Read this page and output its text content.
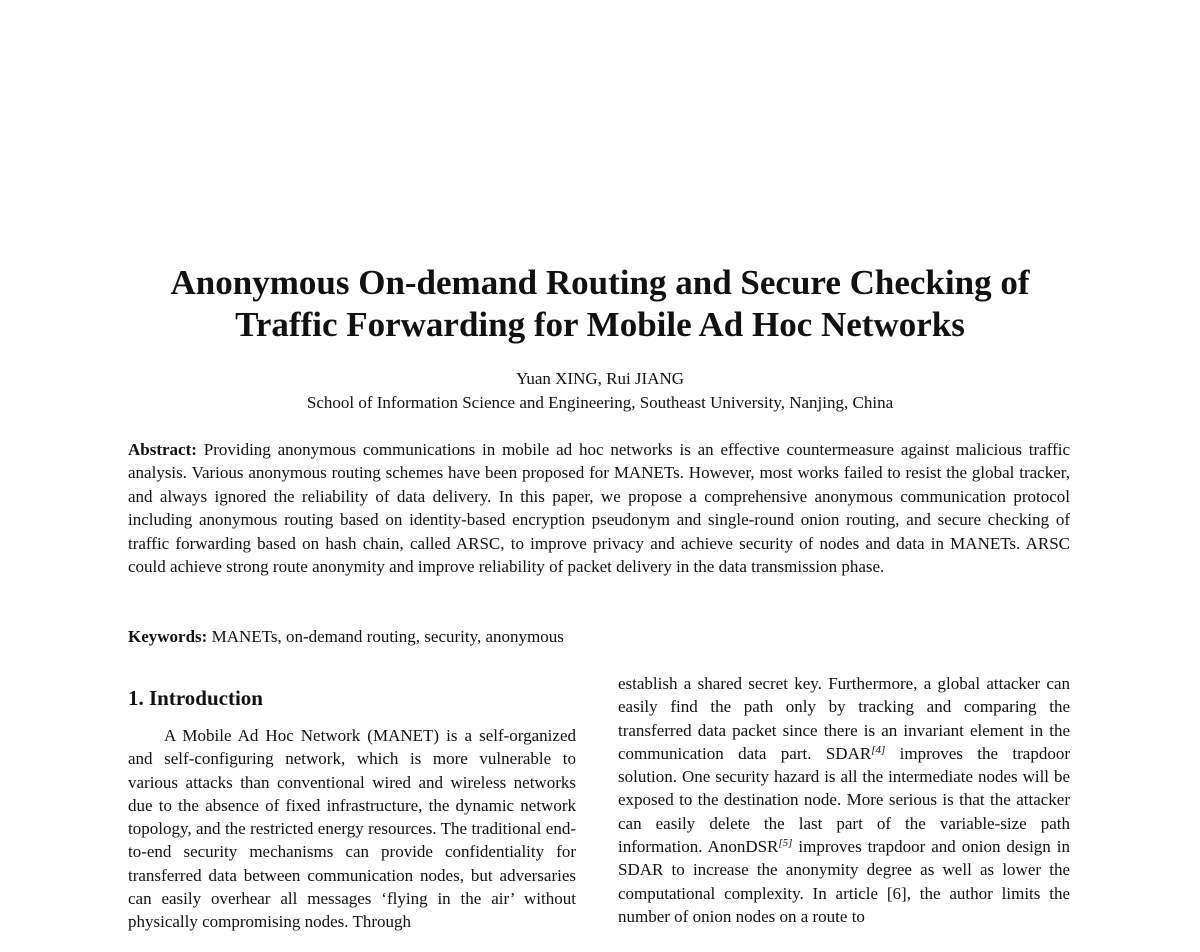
Anonymous On-demand Routing and Secure Checking of
Traffic Forwarding for Mobile Ad Hoc Networks
Yuan XING, Rui JIANG
School of Information Science and Engineering, Southeast University, Nanjing, China

Abstract: Providing anonymous communications in mobile ad hoc networks is an effective countermeasure against malicious traffic analysis. Various anonymous routing schemes have been proposed for MANETs. However, most works failed to resist the global tracker, and always ignored the reliability of data delivery. In this paper, we propose a comprehensive anonymous communication protocol including anonymous routing based on identity-based encryption pseudonym and single-round onion routing, and secure checking of traffic forwarding based on hash chain, called ARSC, to improve privacy and achieve security of nodes and data in MANETs. ARSC could achieve strong route anonymity and improve reliability of packet delivery in the data transmission phase.

Keywords: MANETs, on-demand routing, security, anonymous

1. Introduction

A Mobile Ad Hoc Network (MANET) is a self-organized and self-configuring network, which is more vulnerable to various attacks than conventional wired and wireless networks due to the absence of fixed infrastructure, the dynamic network topology, and the restricted energy resources. The traditional end-to-end security mechanisms can provide confidentiality for transferred data between communication nodes, but adversaries can easily overhear all messages ‘flying in the air’ without physically compromising nodes. Through

establish a shared secret key. Furthermore, a global attacker can easily find the path only by tracking and comparing the transferred data packet since there is an invariant element in the communication data part. SDAR[4] improves the trapdoor solution. One security hazard is all the intermediate nodes will be exposed to the destination node. More serious is that the attacker can easily delete the last part of the variable-size path information. AnonDSR[5] improves trapdoor and onion design in SDAR to increase the anonymity degree as well as lower the computational complexity. In article [6], the author limits the number of onion nodes on a route to
